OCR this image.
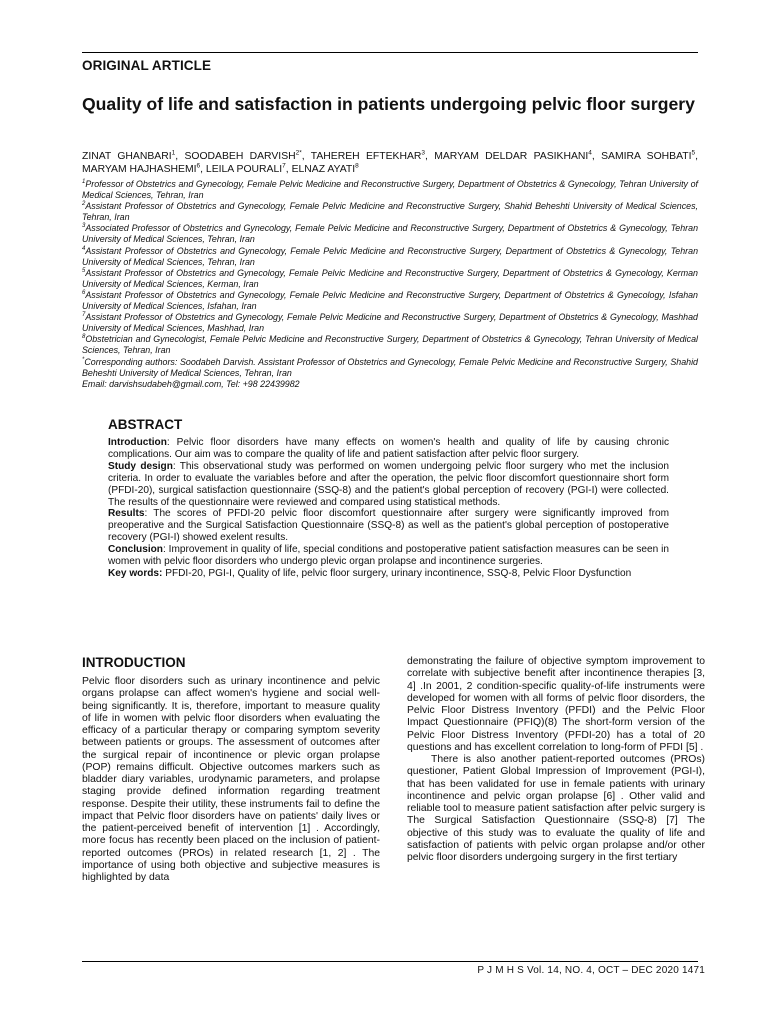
ORIGINAL ARTICLE
Quality of life and satisfaction in patients undergoing pelvic floor surgery
ZINAT GHANBARI$^1$, SOODABEH $DARVISH^{2*}$, TAHEREH EFTEKHAR$^3$, MARYAM DELDAR PASIKHANI$^4$, SAMIRA SOHBATI$^5$, MARYAM HAJHASHEMI$^6$, LEILA POURALI$^7$, ELNAZ AYATI$^8$
$^1$Professor of Obstetrics and Gynecology, Female Pelvic Medicine and Reconstructive Surgery, Department of Obstetrics & Gynecology, Tehran University of Medical Sciences, Tehran, Iran
$^2$Assistant Professor of Obstetrics and Gynecology, Female Pelvic Medicine and Reconstructive Surgery, Shahid Beheshti University of Medical Sciences, Tehran, Iran
$^3$Associated Professor of Obstetrics and Gynecology, Female Pelvic Medicine and Reconstructive Surgery, Department of Obstetrics & Gynecology, Tehran University of Medical Sciences, Tehran, Iran
$^4$Assistant Professor of Obstetrics and Gynecology, Female Pelvic Medicine and Reconstructive Surgery, Department of Obstetrics & Gynecology, Tehran University of Medical Sciences, Tehran, Iran
$^5$Assistant Professor of Obstetrics and Gynecology, Female Pelvic Medicine and Reconstructive Surgery, Department of Obstetrics & Gynecology, Kerman University of Medical Sciences, Kerman, Iran
$^6$Assistant Professor of Obstetrics and Gynecology, Female Pelvic Medicine and Reconstructive Surgery, Department of Obstetrics & Gynecology, Isfahan University of Medical Sciences, Isfahan, Iran
$^7$Assistant Professor of Obstetrics and Gynecology, Female Pelvic Medicine and Reconstructive Surgery, Department of Obstetrics & Gynecology, Mashhad University of Medical Sciences, Mashhad, Iran
$^8$Obstetrician and Gynecologist, Female Pelvic Medicine and Reconstructive Surgery, Department of Obstetrics & Gynecology, Tehran University of Medical Sciences, Tehran, Iran
*Corresponding authors: Soodabeh Darvish. Assistant Professor of Obstetrics and Gynecology, Female Pelvic Medicine and Reconstructive Surgery, Shahid Beheshti University of Medical Sciences, Tehran, Iran
Email: darvishsudabeh@gmail.com, Tel: +98 22439982
ABSTRACT

Introduction: Pelvic floor disorders have many effects on women's health and quality of life by causing chronic complications. Our aim was to compare the quality of life and patient satisfaction after pelvic floor surgery.

Study design: This observational study was performed on women undergoing pelvic floor surgery who met the inclusion criteria. In order to evaluate the variables before and after the operation, the pelvic floor discomfort questionnaire short form (PFDI-20), surgical satisfaction questionnaire (SSQ-8) and the patient's global perception of recovery (PGI-I) were collected. The results of the questionnaire were reviewed and compared using statistical methods.

Results: The scores of PFDI-20 pelvic floor discomfort questionnaire after surgery were significantly improved from preoperative and the Surgical Satisfaction Questionnaire (SSQ-8) as well as the patient's global perception of postoperative recovery (PGI-I) showed exelent results.

Conclusion: Improvement in quality of life, special conditions and postoperative patient satisfaction measures can be seen in women with pelvic floor disorders who undergo plevic organ prolapse and incontinence surgeries.

Key words: PFDI-20, PGI-I, Quality of life, pelvic floor surgery, urinary incontinence, SSQ-8, Pelvic Floor Dysfunction

INTRODUCTION

Pelvic floor disorders such as urinary incontinence and pelvic organs prolapse can affect women's hygiene and social well-being significantly. It is, therefore, important to measure quality of life in women with pelvic floor disorders when evaluating the efficacy of a particular therapy or comparing symptom severity between patients or groups. The assessment of outcomes after the surgical repair of incontinence or plevic organ prolapse (POP) remains difficult. Objective outcomes markers such as bladder diary variables, urodynamic parameters, and prolapse staging provide defined information regarding treatment response. Despite their utility, these instruments fail to define the impact that Pelvic floor disorders have on patients' daily lives or the patient-perceived benefit of intervention [1] . Accordingly, more focus has recently been placed on the inclusion of patient-reported outcomes (PROs) in related research [1, 2] . The importance of using both objective and subjective measures is highlighted by data

demonstrating the failure of objective symptom improvement to correlate with subjective benefit after incontinence therapies [3, 4] .In 2001, 2 condition-specific quality-of-life instruments were developed for women with all forms of pelvic floor disorders, the Pelvic Floor Distress Inventory (PFDI) and the Pelvic Floor Impact Questionnaire (PFIQ)(8) The short-form version of the Pelvic Floor Distress Inventory (PFDI-20) has a total of 20 questions and has excellent correlation to long-form of PFDI [5] .

There is also another patient-reported outcomes (PROs) questioner, Patient Global Impression of Improvement (PGI-I), that has been validated for use in female patients with urinary incontinence and pelvic organ prolapse [6] . Other valid and reliable tool to measure patient satisfaction after pelvic surgery is The Surgical Satisfaction Questionnaire (SSQ-8) [7] The objective of this study was to evaluate the quality of life and satisfaction of patients with pelvic organ prolapse and/or other pelvic floor disorders undergoing surgery in the first tertiary

P J M H S Vol. 14, NO. 4, OCT – DEC 2020 1471
